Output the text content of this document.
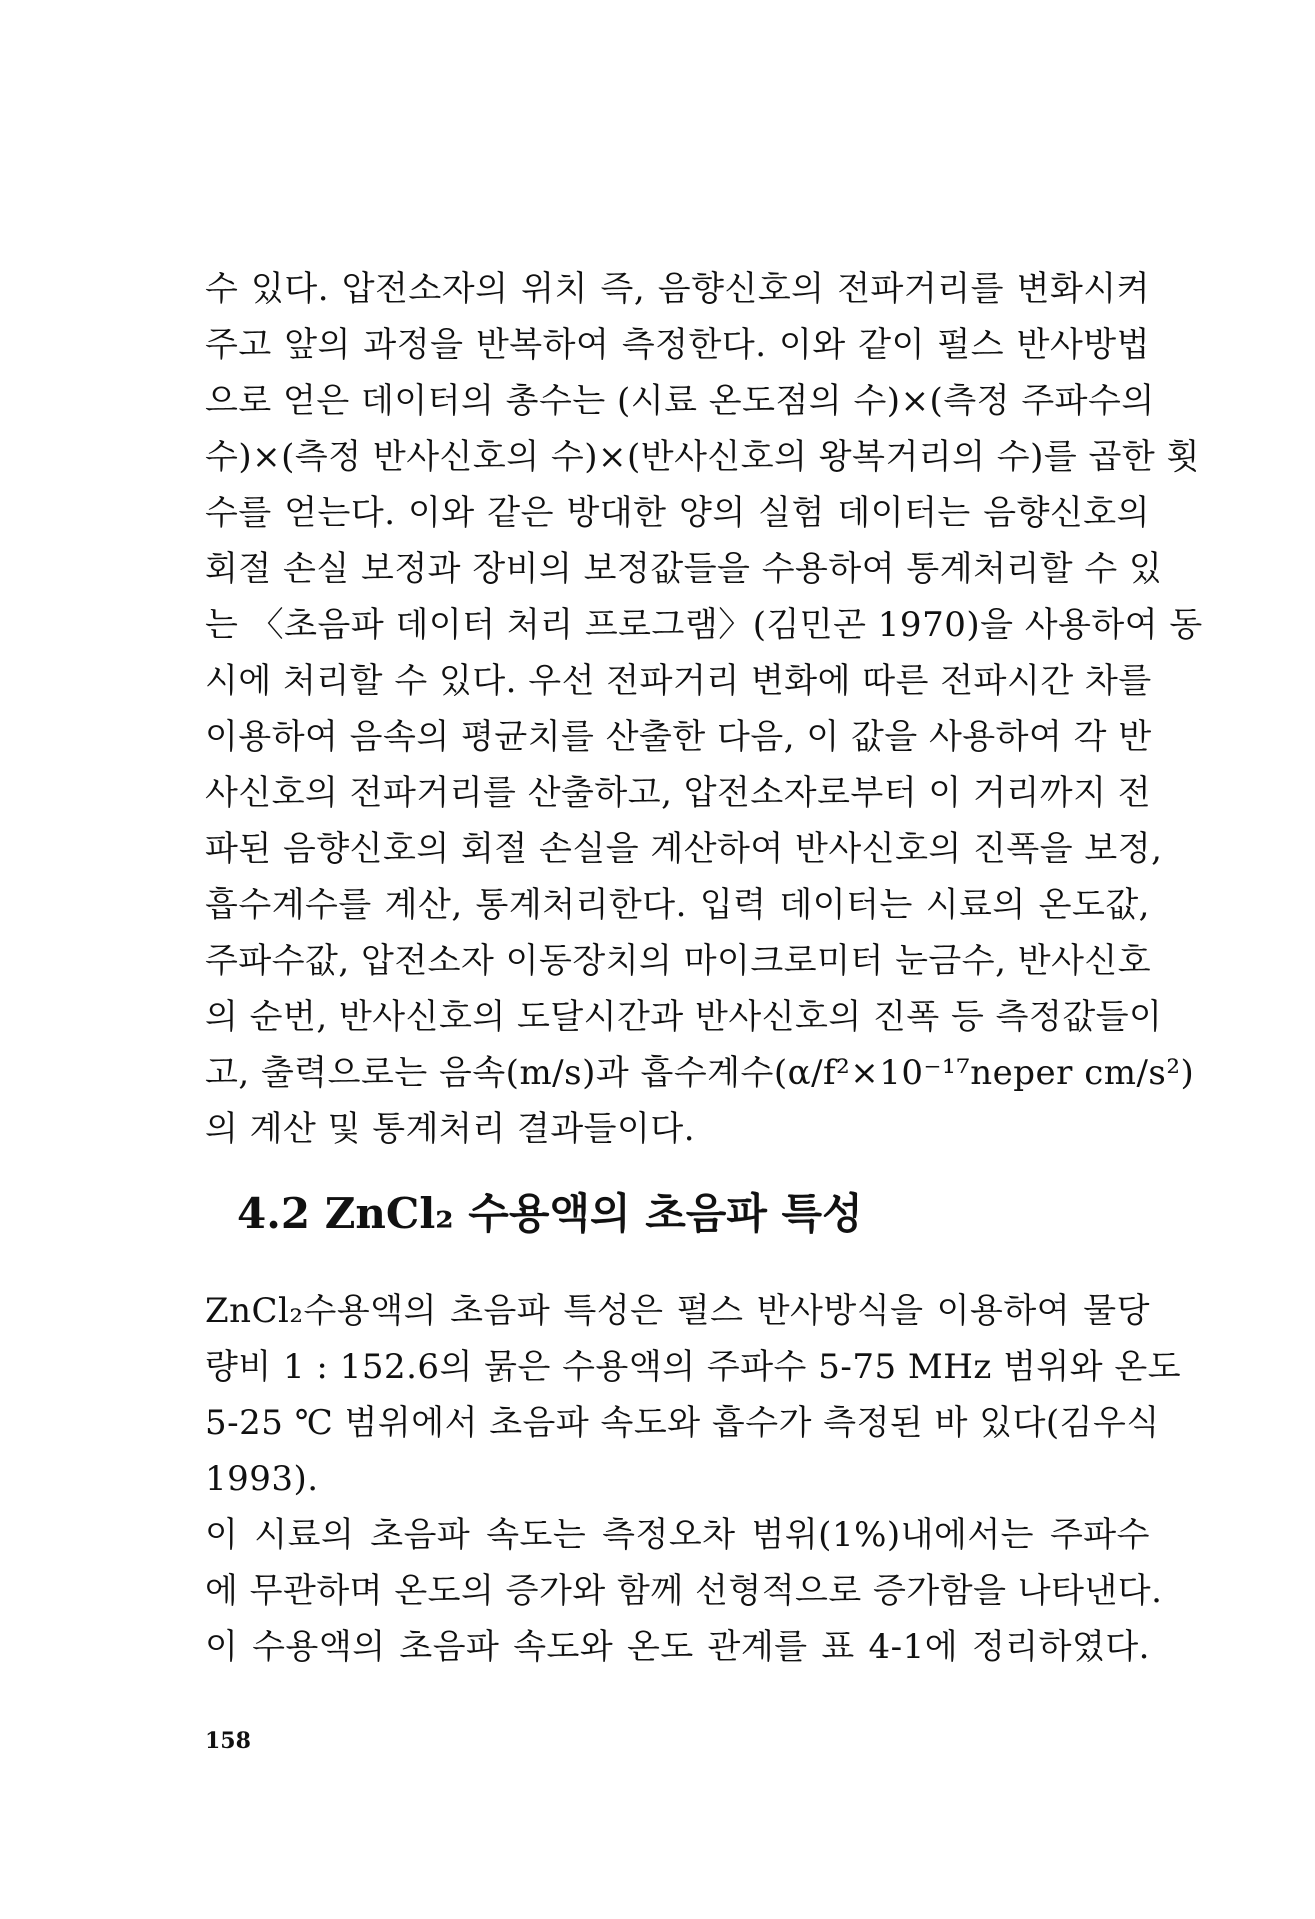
수 있다. 압전소자의 위치 즉, 음향신호의 전파거리를 변화시켜
주고 앞의 과정을 반복하여 측정한다. 이와 같이 펄스 반사방법
으로 얻은 데이터의 총수는 (시료 온도점의 수)×(측정 주파수의
수)×(측정 반사신호의 수)×(반사신호의 왕복거리의 수)를 곱한 횟
수를 얻는다. 이와 같은 방대한 양의 실험 데이터는 음향신호의
회절 손실 보정과 장비의 보정값들을 수용하여 통계처리할 수 있
는 〈초음파 데이터 처리 프로그램〉(김민곤 1970)을 사용하여 동
시에 처리할 수 있다. 우선 전파거리 변화에 따른 전파시간 차를
이용하여 음속의 평균치를 산출한 다음, 이 값을 사용하여 각 반
사신호의 전파거리를 산출하고, 압전소자로부터 이 거리까지 전
파된 음향신호의 회절 손실을 계산하여 반사신호의 진폭을 보정,
흡수계수를 계산, 통계처리한다. 입력 데이터는 시료의 온도값,
주파수값, 압전소자 이동장치의 마이크로미터 눈금수, 반사신호
의 순번, 반사신호의 도달시간과 반사신호의 진폭 등 측정값들이
고, 출력으로는 음속(m/s)과 흡수계수(α/f²×10⁻¹⁷neper cm/s²)
의 계산 및 통계처리 결과들이다.
4.2 ZnCl₂ 수용액의 초음파 특성
ZnCl₂수용액의 초음파 특성은 펄스 반사방식을 이용하여 물당
량비 1 : 152.6의 묽은 수용액의 주파수 5-75 MHz 범위와 온도
5-25 ℃ 범위에서 초음파 속도와 흡수가 측정된 바 있다(김우식
1993).
이 시료의 초음파 속도는 측정오차 범위(1%)내에서는 주파수
에 무관하며 온도의 증가와 함께 선형적으로 증가함을 나타낸다.
이 수용액의 초음파 속도와 온도 관계를 표 4-1에 정리하였다.
158
